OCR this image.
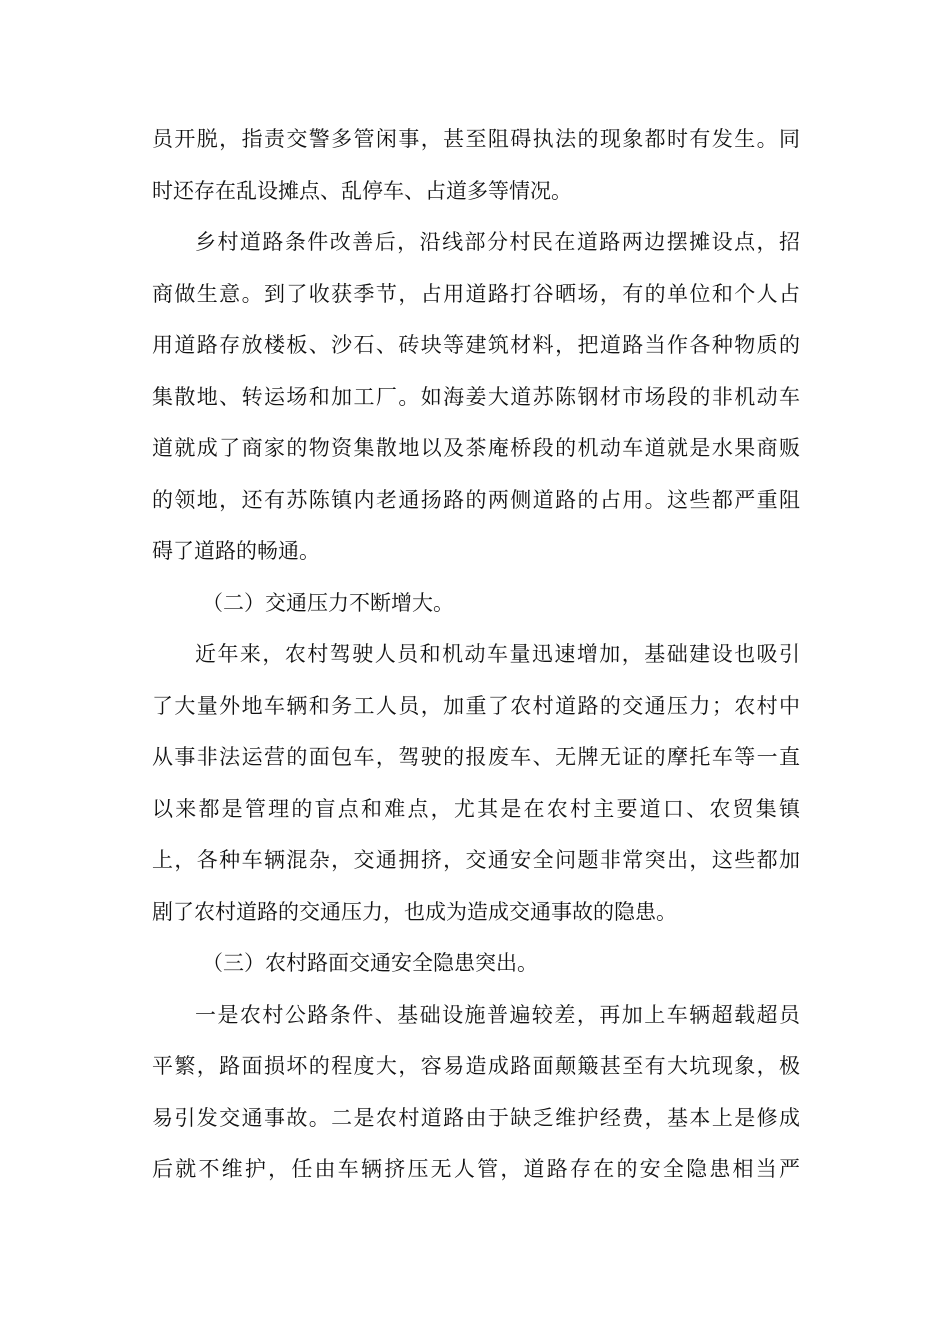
员开脱，指责交警多管闲事，甚至阻碍执法的现象都时有发生。同
时还存在乱设摊点、乱停车、占道多等情况。
乡村道路条件改善后，沿线部分村民在道路两边摆摊设点，招
商做生意。到了收获季节，占用道路打谷晒场，有的单位和个人占
用道路存放楼板、沙石、砖块等建筑材料，把道路当作各种物质的
集散地、转运场和加工厂。如海姜大道苏陈钢材市场段的非机动车
道就成了商家的物资集散地以及茶庵桥段的机动车道就是水果商贩
的领地，还有苏陈镇内老通扬路的两侧道路的占用。这些都严重阻
碍了道路的畅通。
（二）交通压力不断增大。
近年来，农村驾驶人员和机动车量迅速增加，基础建设也吸引
了大量外地车辆和务工人员，加重了农村道路的交通压力；农村中
从事非法运营的面包车，驾驶的报废车、无牌无证的摩托车等一直
以来都是管理的盲点和难点，尤其是在农村主要道口、农贸集镇
上，各种车辆混杂，交通拥挤，交通安全问题非常突出，这些都加
剧了农村道路的交通压力，也成为造成交通事故的隐患。
（三）农村路面交通安全隐患突出。
一是农村公路条件、基础设施普遍较差，再加上车辆超载超员
平繁，路面损坏的程度大，容易造成路面颠簸甚至有大坑现象，极
易引发交通事故。二是农村道路由于缺乏维护经费，基本上是修成
后就不维护，任由车辆挤压无人管，道路存在的安全隐患相当严
